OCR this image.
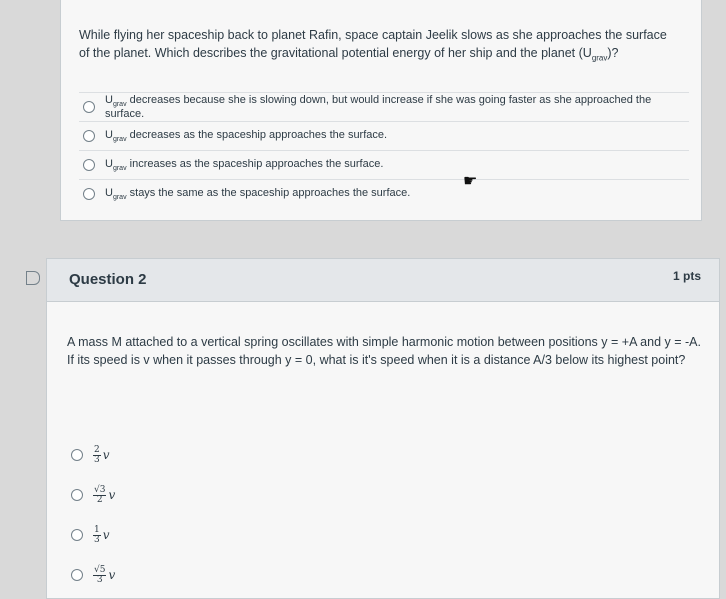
While flying her spaceship back to planet Rafin, space captain Jeelik slows as she approaches the surface of the planet. Which describes the gravitational potential energy of her ship and the planet $(U_{grav})$?
$U_{grav}$ decreases because she is slowing down, but would increase if she was going faster as she approached the surface.
$U_{grav}$ decreases as the spaceship approaches the surface.
$U_{grav}$ increases as the spaceship approaches the surface.
$U_{grav}$ stays the same as the spaceship approaches the surface.
☛
Question 2	1 pts
A mass M attached to a vertical spring oscillates with simple harmonic motion between positions y = +A and y = -A. If its speed is v when it passes through y = 0, what is it's speed when it is a distance A/3 below its highest point?
$\frac{2}{3}$ v
$\frac{√3}{2}$ v
$\frac{1}{3}$ v
$\frac{√5}{3}$ v
